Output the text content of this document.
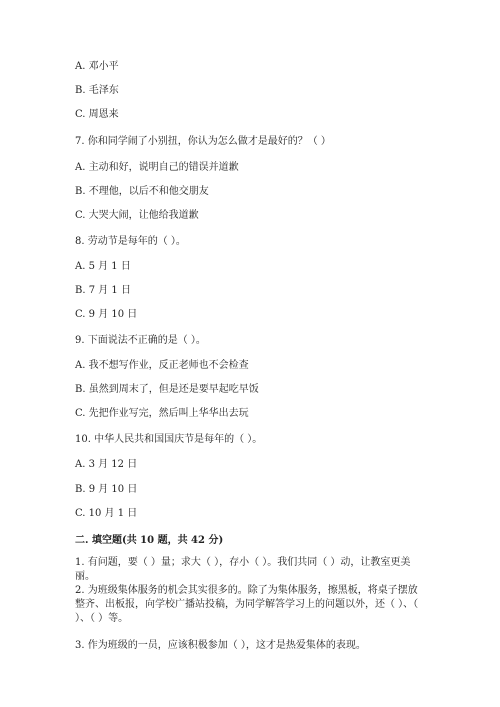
A. 邓小平
B. 毛泽东
C. 周恩来
7. 你和同学闹了小别扭，你认为怎么做才是最好的？（ ）
A. 主动和好，说明自己的错误并道歉
B. 不理他，以后不和他交朋友
C. 大哭大闹，让他给我道歉
8. 劳动节是每年的（ ）。
A. 5 月 1 日
B. 7 月 1 日
C. 9 月 10 日
9. 下面说法不正确的是（ ）。
A. 我不想写作业，反正老师也不会检查
B. 虽然到周末了，但是还是要早起吃早饭
C. 先把作业写完，然后叫上华华出去玩
10. 中华人民共和国国庆节是每年的（ ）。
A. 3 月 12 日
B. 9 月 10 日
C. 10 月 1 日
二. 填空题(共 10 题，共 42 分)
1. 有问题，要（ ）量；求大（ ），存小（ ）。我们共同（ ）动，让教室更美丽。
2. 为班级集体服务的机会其实很多的。除了为集体服务，擦黑板，将桌子摆放整齐、出板报，向学校广播站投稿，为同学解答学习上的问题以外，还（ ）、（ ）、（ ）等。
3. 作为班级的一员，应该积极参加（ ），这才是热爱集体的表现。
